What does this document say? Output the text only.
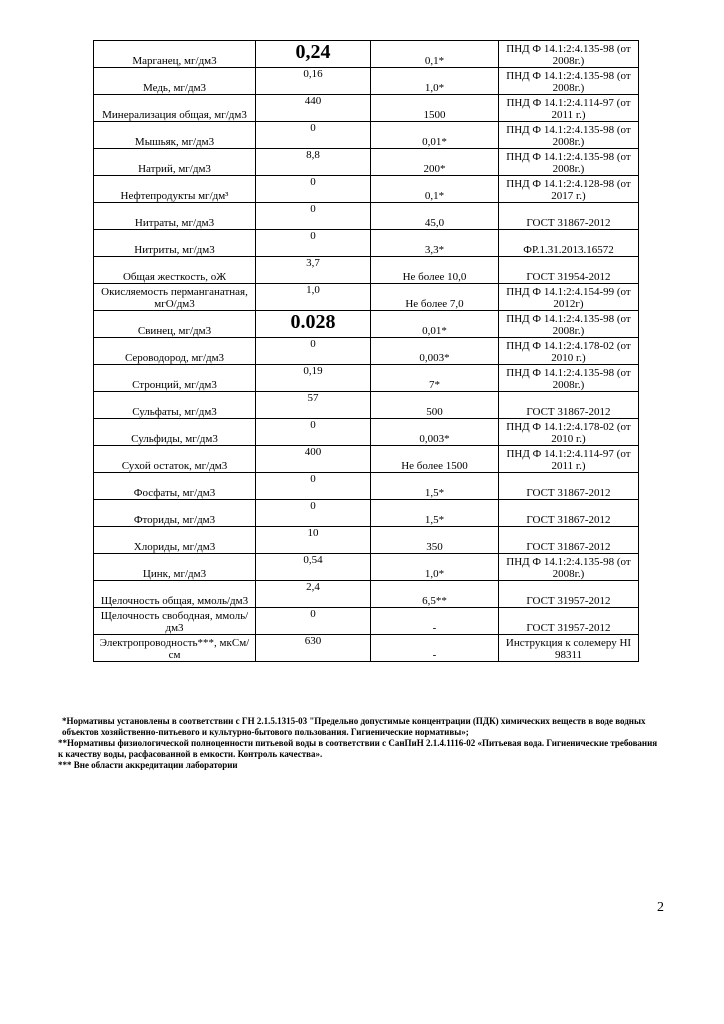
Марганец, мг/дм3	0,24	0,1*	ПНД Ф 14.1:2:4.135-98 (от 2008г.)
Медь, мг/дм3	0,16	1,0*	ПНД Ф 14.1:2:4.135-98 (от 2008г.)
Минерализация общая, мг/дм3	440	1500	ПНД Ф 14.1:2:4.114-97 (от 2011 г.)
Мышьяк, мг/дм3	0	0,01*	ПНД Ф 14.1:2:4.135-98 (от 2008г.)
Натрий, мг/дм3	8,8	200*	ПНД Ф 14.1:2:4.135-98 (от 2008г.)
Нефтепродукты мг/дм³	0	0,1*	ПНД Ф 14.1:2:4.128-98 (от 2017 г.)
Нитраты, мг/дм3	0	45,0	ГОСТ 31867-2012
Нитриты, мг/дм3	0	3,3*	ФР.1.31.2013.16572
Общая жесткость, оЖ	3,7	Не более 10,0	ГОСТ 31954-2012
Окисляемость перманганатная, мгО/дм3	1,0	Не более 7,0	ПНД Ф 14.1:2:4.154-99 (от 2012г)
Свинец, мг/дм3	0.028	0,01*	ПНД Ф 14.1:2:4.135-98 (от 2008г.)
Сероводород, мг/дм3	0	0,003*	ПНД Ф 14.1:2:4.178-02 (от 2010 г.)
Стронций, мг/дм3	0,19	7*	ПНД Ф 14.1:2:4.135-98 (от 2008г.)
Сульфаты, мг/дм3	57	500	ГОСТ 31867-2012
Сульфиды, мг/дм3	0	0,003*	ПНД Ф 14.1:2:4.178-02 (от 2010 г.)
Сухой остаток, мг/дм3	400	Не более 1500	ПНД Ф 14.1:2:4.114-97 (от 2011 г.)
Фосфаты, мг/дм3	0	1,5*	ГОСТ 31867-2012
Фториды, мг/дм3	0	1,5*	ГОСТ 31867-2012
Хлориды, мг/дм3	10	350	ГОСТ 31867-2012
Цинк, мг/дм3	0,54	1,0*	ПНД Ф 14.1:2:4.135-98 (от 2008г.)
Щелочность общая, ммоль/дм3	2,4	6,5**	ГОСТ 31957-2012
Щелочность свободная, ммоль/дм3	0	-	ГОСТ 31957-2012
Электропроводность***, мкСм/см	630	-	Инструкция к солемеру HI 98311

*Нормативы установлены в соответствии с ГН 2.1.5.1315-03 "Предельно допустимые концентрации (ПДК) химических веществ в воде водных объектов хозяйственно-питьевого и культурно-бытового пользования. Гигиенические нормативы»;

**Нормативы физиологической полноценности питьевой воды в соответствии с СанПиН 2.1.4.1116-02 «Питьевая вода. Гигиенические требования к качеству воды, расфасованной в емкости. Контроль качества».

*** Вне области аккредитации лаборатории

2
